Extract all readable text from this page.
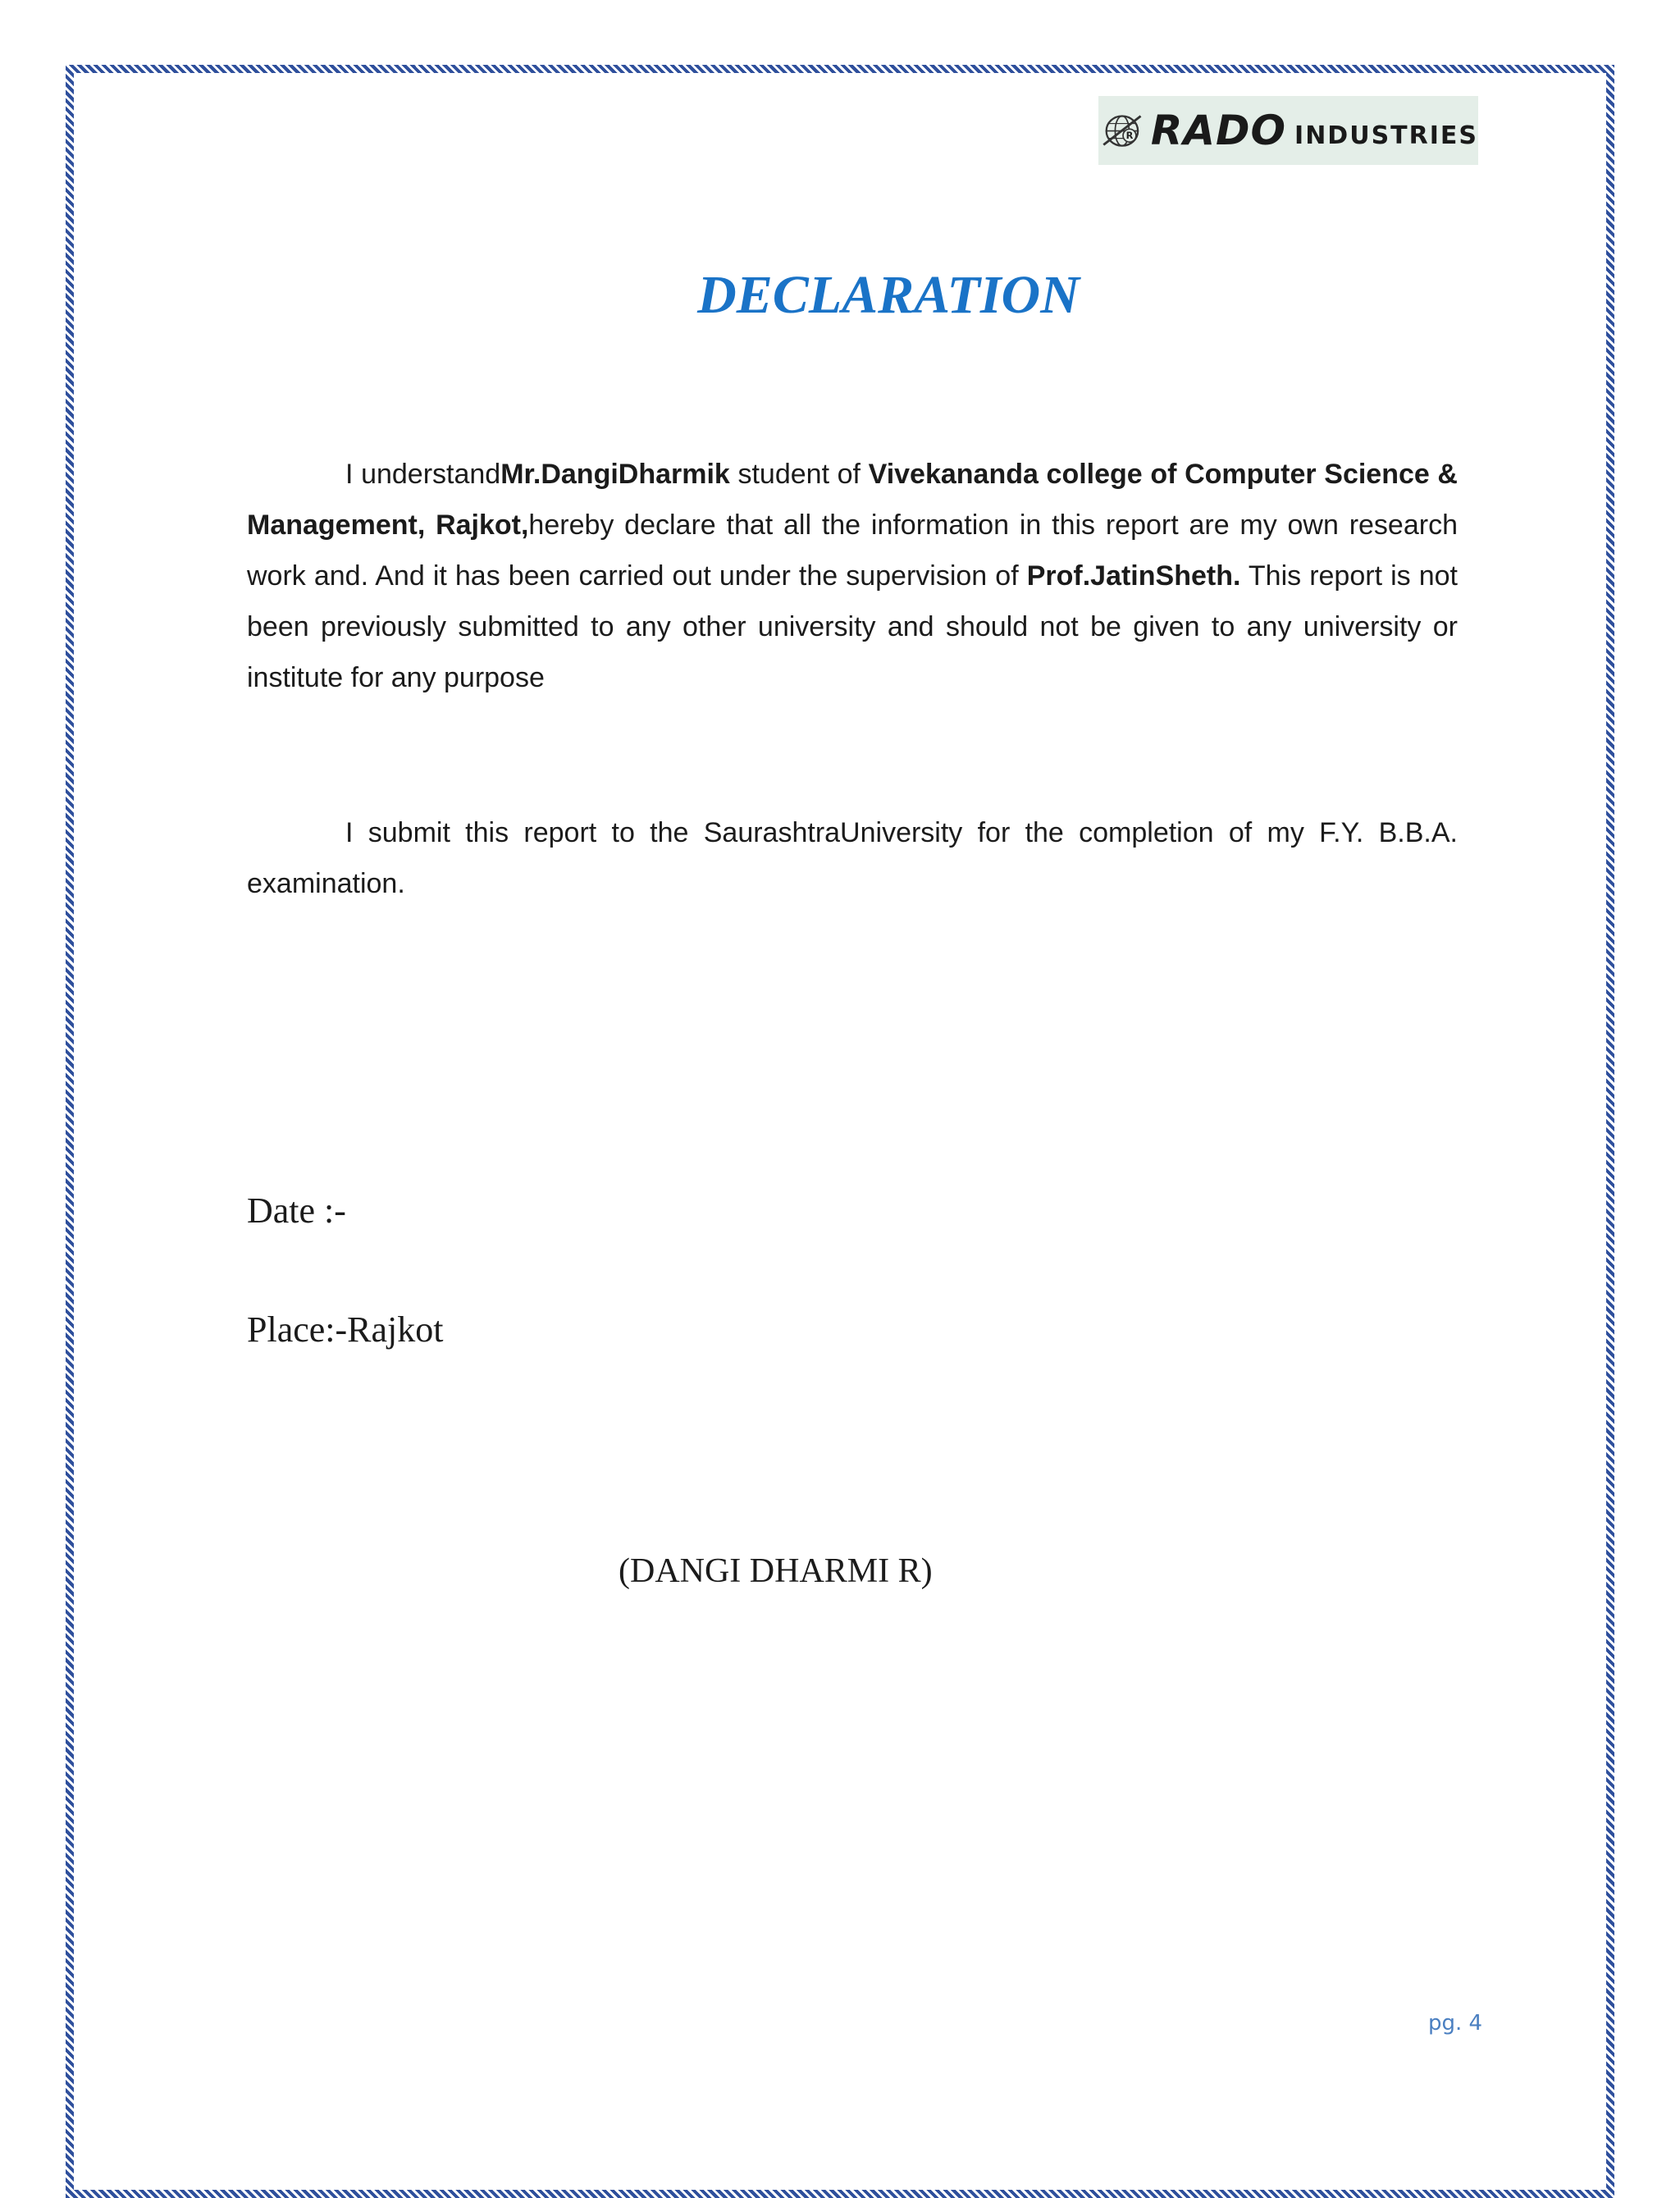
R RADO INDUSTRIES
DECLARATION

I understandMr.DangiDharmik student of Vivekananda college of Computer Science & Management, Rajkot,hereby declare that all the information in this report are my own research work and. And it has been carried out under the supervision of Prof.JatinSheth. This report is not been previously submitted to any other university and should not be given to any university or institute for any purpose

I submit this report to the SaurashtraUniversity for the completion of my F.Y. B.B.A. examination.

Date :-

Place:-Rajkot

(DANGI DHARMI R)

pg. 4
